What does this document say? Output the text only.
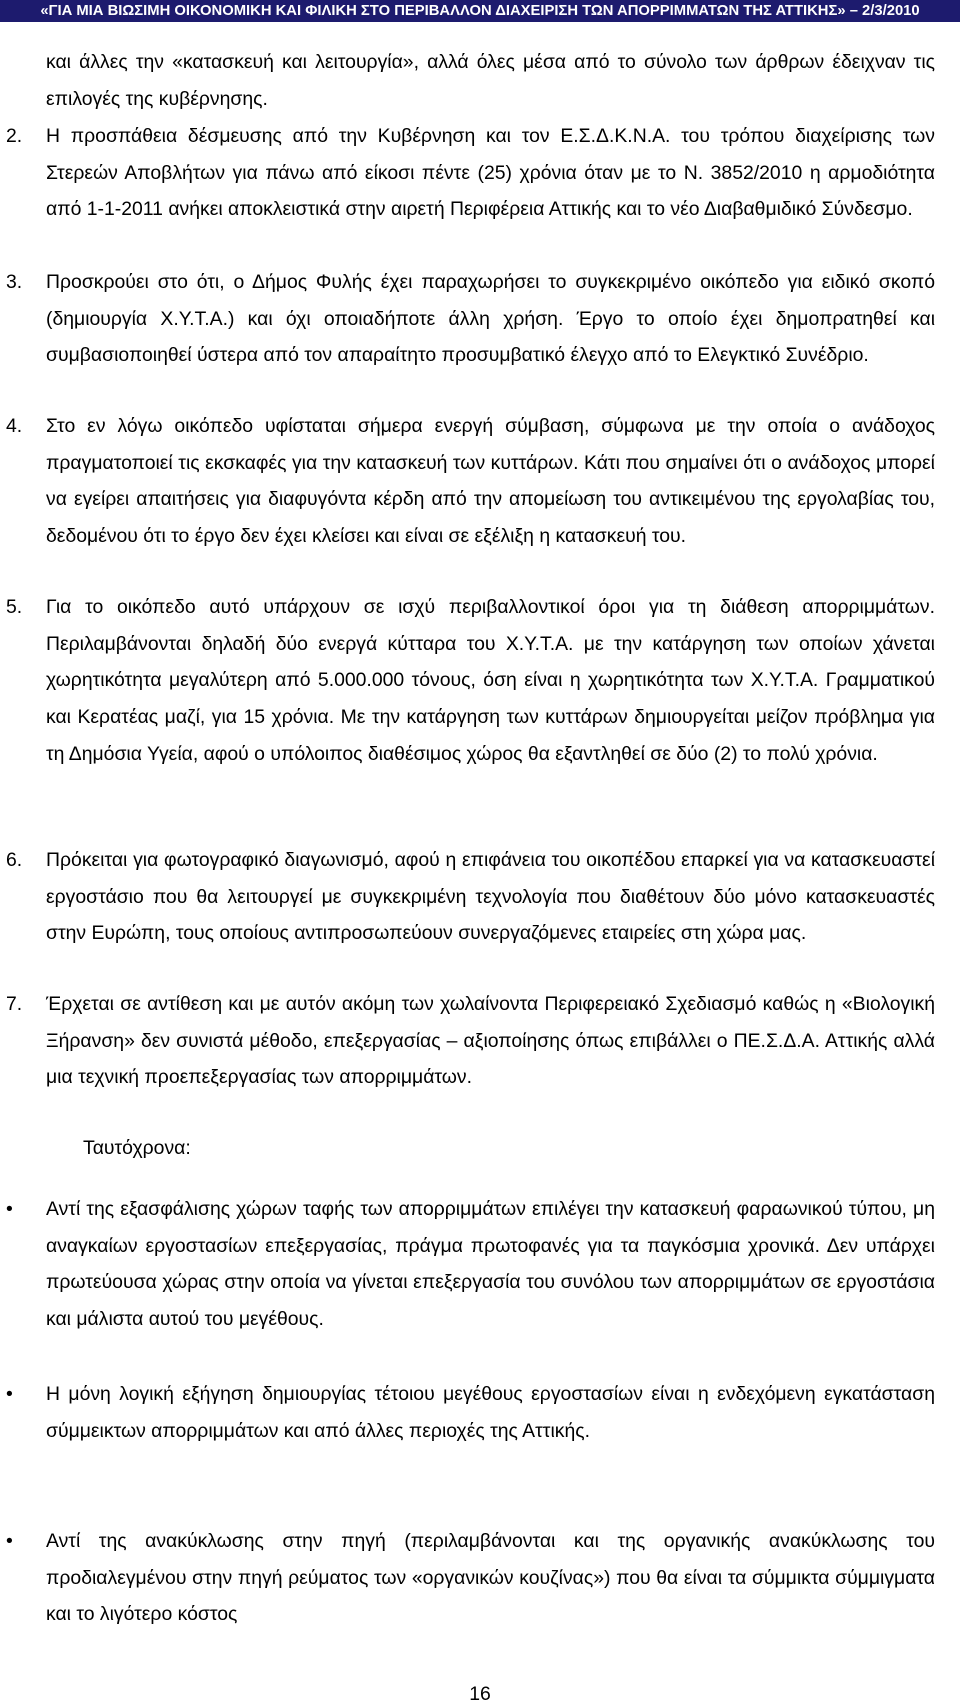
«ΓΙΑ ΜΙΑ ΒΙΩΣΙΜΗ ΟΙΚΟΝΟΜΙΚΗ ΚΑΙ ΦΙΛΙΚΗ ΣΤΟ ΠΕΡΙΒΑΛΛΟΝ ΔΙΑΧΕΙΡΙΣΗ ΤΩΝ ΑΠΟΡΡΙΜΜΑΤΩΝ ΤΗΣ ΑΤΤΙΚΗΣ» – 2/3/2010
και άλλες την «κατασκευή και λειτουργία», αλλά όλες μέσα από το σύνολο των άρθρων έδειχναν τις επιλογές της κυβέρνησης.
2.	Η προσπάθεια δέσμευσης από την Κυβέρνηση και τον Ε.Σ.Δ.Κ.Ν.Α. του τρόπου διαχείρισης των Στερεών Αποβλήτων για πάνω από είκοσι πέντε (25) χρόνια όταν με το Ν. 3852/2010 η αρμοδιότητα από 1-1-2011 ανήκει αποκλειστικά στην αιρετή Περιφέρεια Αττικής και το νέο Διαβαθμιδικό Σύνδεσμο.
3.	Προσκρούει στο ότι, ο Δήμος Φυλής έχει παραχωρήσει το συγκεκριμένο οικόπεδο για ειδικό σκοπό (δημιουργία Χ.Υ.Τ.Α.) και όχι οποιαδήποτε άλλη χρήση. Έργο το οποίο έχει δημοπρατηθεί και συμβασιοποιηθεί ύστερα από τον απαραίτητο προσυμβατικό έλεγχο από το Ελεγκτικό Συνέδριο.
4.	Στο εν λόγω οικόπεδο υφίσταται σήμερα ενεργή σύμβαση, σύμφωνα με την οποία ο ανάδοχος πραγματοποιεί τις εκσκαφές για την κατασκευή των κυττάρων. Κάτι που σημαίνει ότι ο ανάδοχος μπορεί να εγείρει απαιτήσεις για διαφυγόντα κέρδη από την απομείωση του αντικειμένου της εργολαβίας του, δεδομένου ότι το έργο δεν έχει κλείσει και είναι σε εξέλιξη η κατασκευή του.
5.	Για το οικόπεδο αυτό υπάρχουν σε ισχύ περιβαλλοντικοί όροι για τη διάθεση απορριμμάτων. Περιλαμβάνονται δηλαδή δύο ενεργά κύτταρα του Χ.Υ.Τ.Α. με την κατάργηση των οποίων χάνεται χωρητικότητα μεγαλύτερη από 5.000.000 τόνους, όση είναι η χωρητικότητα των Χ.Υ.Τ.Α. Γραμματικού και Κερατέας μαζί, για 15 χρόνια. Με την κατάργηση των κυττάρων δημιουργείται μείζον πρόβλημα για τη Δημόσια Υγεία, αφού ο υπόλοιπος διαθέσιμος χώρος θα εξαντληθεί σε δύο (2) το πολύ χρόνια.
6.	Πρόκειται για φωτογραφικό διαγωνισμό, αφού η επιφάνεια του οικοπέδου επαρκεί για να κατασκευαστεί εργοστάσιο που θα λειτουργεί με συγκεκριμένη τεχνολογία που διαθέτουν δύο μόνο κατασκευαστές στην Ευρώπη, τους οποίους αντιπροσωπεύουν συνεργαζόμενες εταιρείες στη χώρα μας.
7.	Έρχεται σε αντίθεση και με αυτόν ακόμη των χωλαίνοντα Περιφερειακό Σχεδιασμό καθώς η «Βιολογική Ξήρανση» δεν συνιστά μέθοδο, επεξεργασίας – αξιοποίησης όπως επιβάλλει ο ΠΕ.Σ.Δ.Α. Αττικής αλλά μια τεχνική προεπεξεργασίας των απορριμμάτων.
Ταυτόχρονα:
•	Αντί της εξασφάλισης χώρων ταφής των απορριμμάτων επιλέγει την κατασκευή φαραωνικού τύπου, μη αναγκαίων εργοστασίων επεξεργασίας, πράγμα πρωτοφανές για τα παγκόσμια χρονικά. Δεν υπάρχει πρωτεύουσα χώρας στην οποία να γίνεται επεξεργασία του συνόλου των απορριμμάτων σε εργοστάσια και μάλιστα αυτού του μεγέθους.
•	Η μόνη λογική εξήγηση δημιουργίας τέτοιου μεγέθους εργοστασίων είναι η ενδεχόμενη εγκατάσταση σύμμεικτων απορριμμάτων και από άλλες περιοχές της Αττικής.
•	Αντί της ανακύκλωσης στην πηγή (περιλαμβάνονται και της οργανικής ανακύκλωσης του προδιαλεγμένου στην πηγή ρεύματος των «οργανικών κουζίνας») που θα είναι τα σύμμικτα σύμμιγματα και το λιγότερο κόστος
16
